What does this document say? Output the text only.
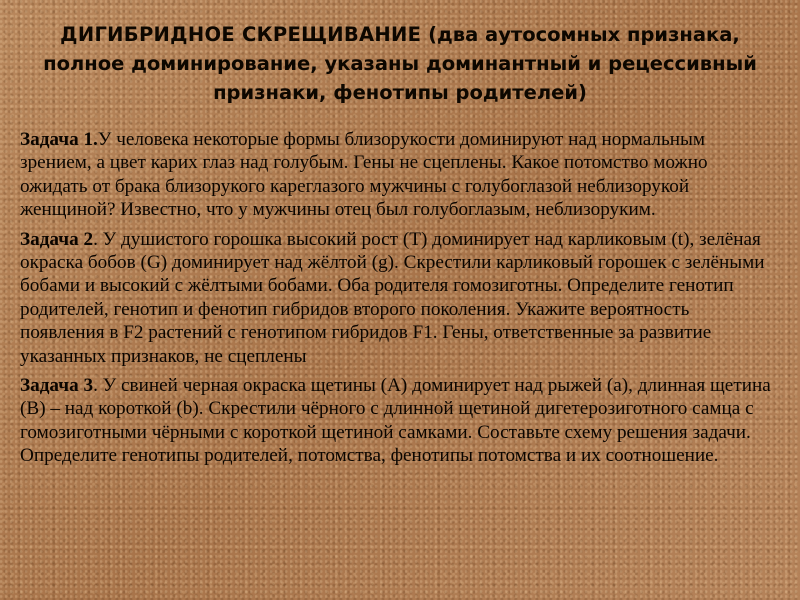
ДИГИБРИДНОЕ СКРЕЩИВАНИЕ (два аутосомных признака, полное доминирование, указаны доминантный и рецессивный признаки, фенотипы родителей)

Задача 1.У человека некоторые формы близорукости доминируют над нормальным зрением, а цвет карих глаз над голубым. Гены не сцеплены. Какое потомство можно ожидать от брака близорукого кареглазого мужчины с голубоглазой неблизорукой женщиной? Известно, что у мужчины отец был голубоглазым, неблизоруким.

Задача 2. У душистого горошка высокий рост (Т) доминирует над карликовым (t), зелёная окраска бобов (G) доминирует над жёлтой (g). Скрестили карликовый горошек с зелёными бобами и высокий с жёлтыми бобами. Оба родителя гомозиготны. Определите генотип родителей, генотип и фенотип гибридов второго поколения. Укажите вероятность появления в F2 растений с генотипом гибридов F1. Гены, ответственные за развитие указанных признаков, не сцеплены

Задача 3. У свиней черная окраска щетины (А) доминирует над рыжей (а), длинная щетина (В) – над короткой (b). Скрестили чёрного с длинной щетиной дигетерозиготного самца с гомозиготными чёрными с короткой щетиной самками. Составьте схему решения задачи. Определите генотипы родителей, потомства, фенотипы потомства и их соотношение.
